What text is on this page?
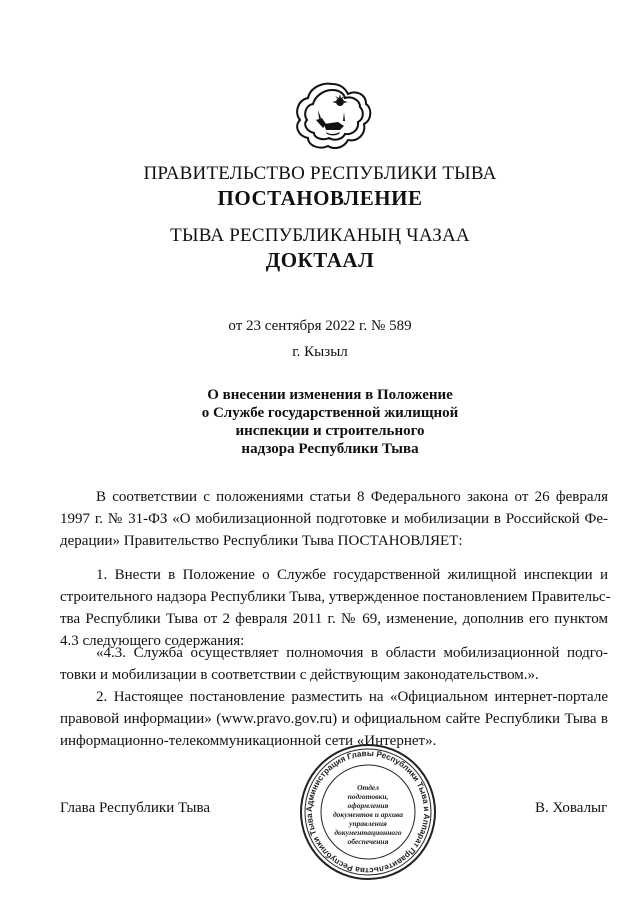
ПРАВИТЕЛЬСТВО РЕСПУБЛИКИ ТЫВА
ПОСТАНОВЛЕНИЕ
ТЫВА РЕСПУБЛИКАНЫҢ ЧАЗАА
ДОКТААЛ
от 23 сентября 2022 г. № 589
г. Кызыл
О внесении изменения в Положение
о Службе государственной жилищной
инспекции и строительного
надзора Республики Тыва
В соответствии с положениями статьи 8 Федерального закона от 26 февраля
1997 г. № 31-ФЗ «О мобилизационной подготовке и мобилизации в Российской Фе-
дерации» Правительство Республики Тыва ПОСТАНОВЛЯЕТ:
1. Внести в Положение о Службе государственной жилищной инспекции и
строительного надзора Республики Тыва, утвержденное постановлением Правительс-
тва Республики Тыва от 2 февраля 2011 г. № 69, изменение, дополнив его пунктом
4.3 следующего содержания:
«4.3. Служба осуществляет полномочия в области мобилизационной подго-
товки и мобилизации в соответствии с действующим законодательством.».
2. Настоящее постановление разместить на «Официальном интернет-портале
правовой информации» (www.pravo.gov.ru) и официальном сайте Республики Тыва в
информационно-телекоммуникационной сети «Интернет».
Глава Республики Тыва	В. Ховалыг
Администрация Главы Республики Тыва и Аппарат Правительства Республики Тыва
Отдел
подготовки,
оформления
документов и архива
управления
документационного
обеспечения
